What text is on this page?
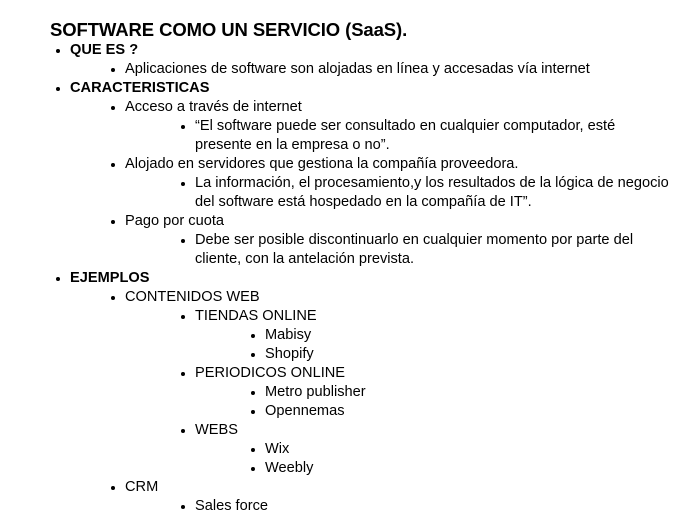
SOFTWARE COMO UN SERVICIO (SaaS).
QUE ES ?
Aplicaciones de software son alojadas en línea y accesadas vía internet
CARACTERISTICAS
Acceso a través de internet
“El software puede ser consultado en cualquier computador, esté presente en la empresa o no”.
Alojado en servidores que gestiona la compañía proveedora.
La información, el procesamiento,y los resultados de la lógica de negocio del software está hospedado en la compañía de IT”.
Pago por cuota
Debe ser posible discontinuarlo en cualquier momento por parte del cliente, con la antelación prevista.
EJEMPLOS
CONTENIDOS WEB
TIENDAS ONLINE
Mabisy
Shopify
PERIODICOS ONLINE
Metro publisher
Opennemas
WEBS
Wix
Weebly
CRM
Sales force
